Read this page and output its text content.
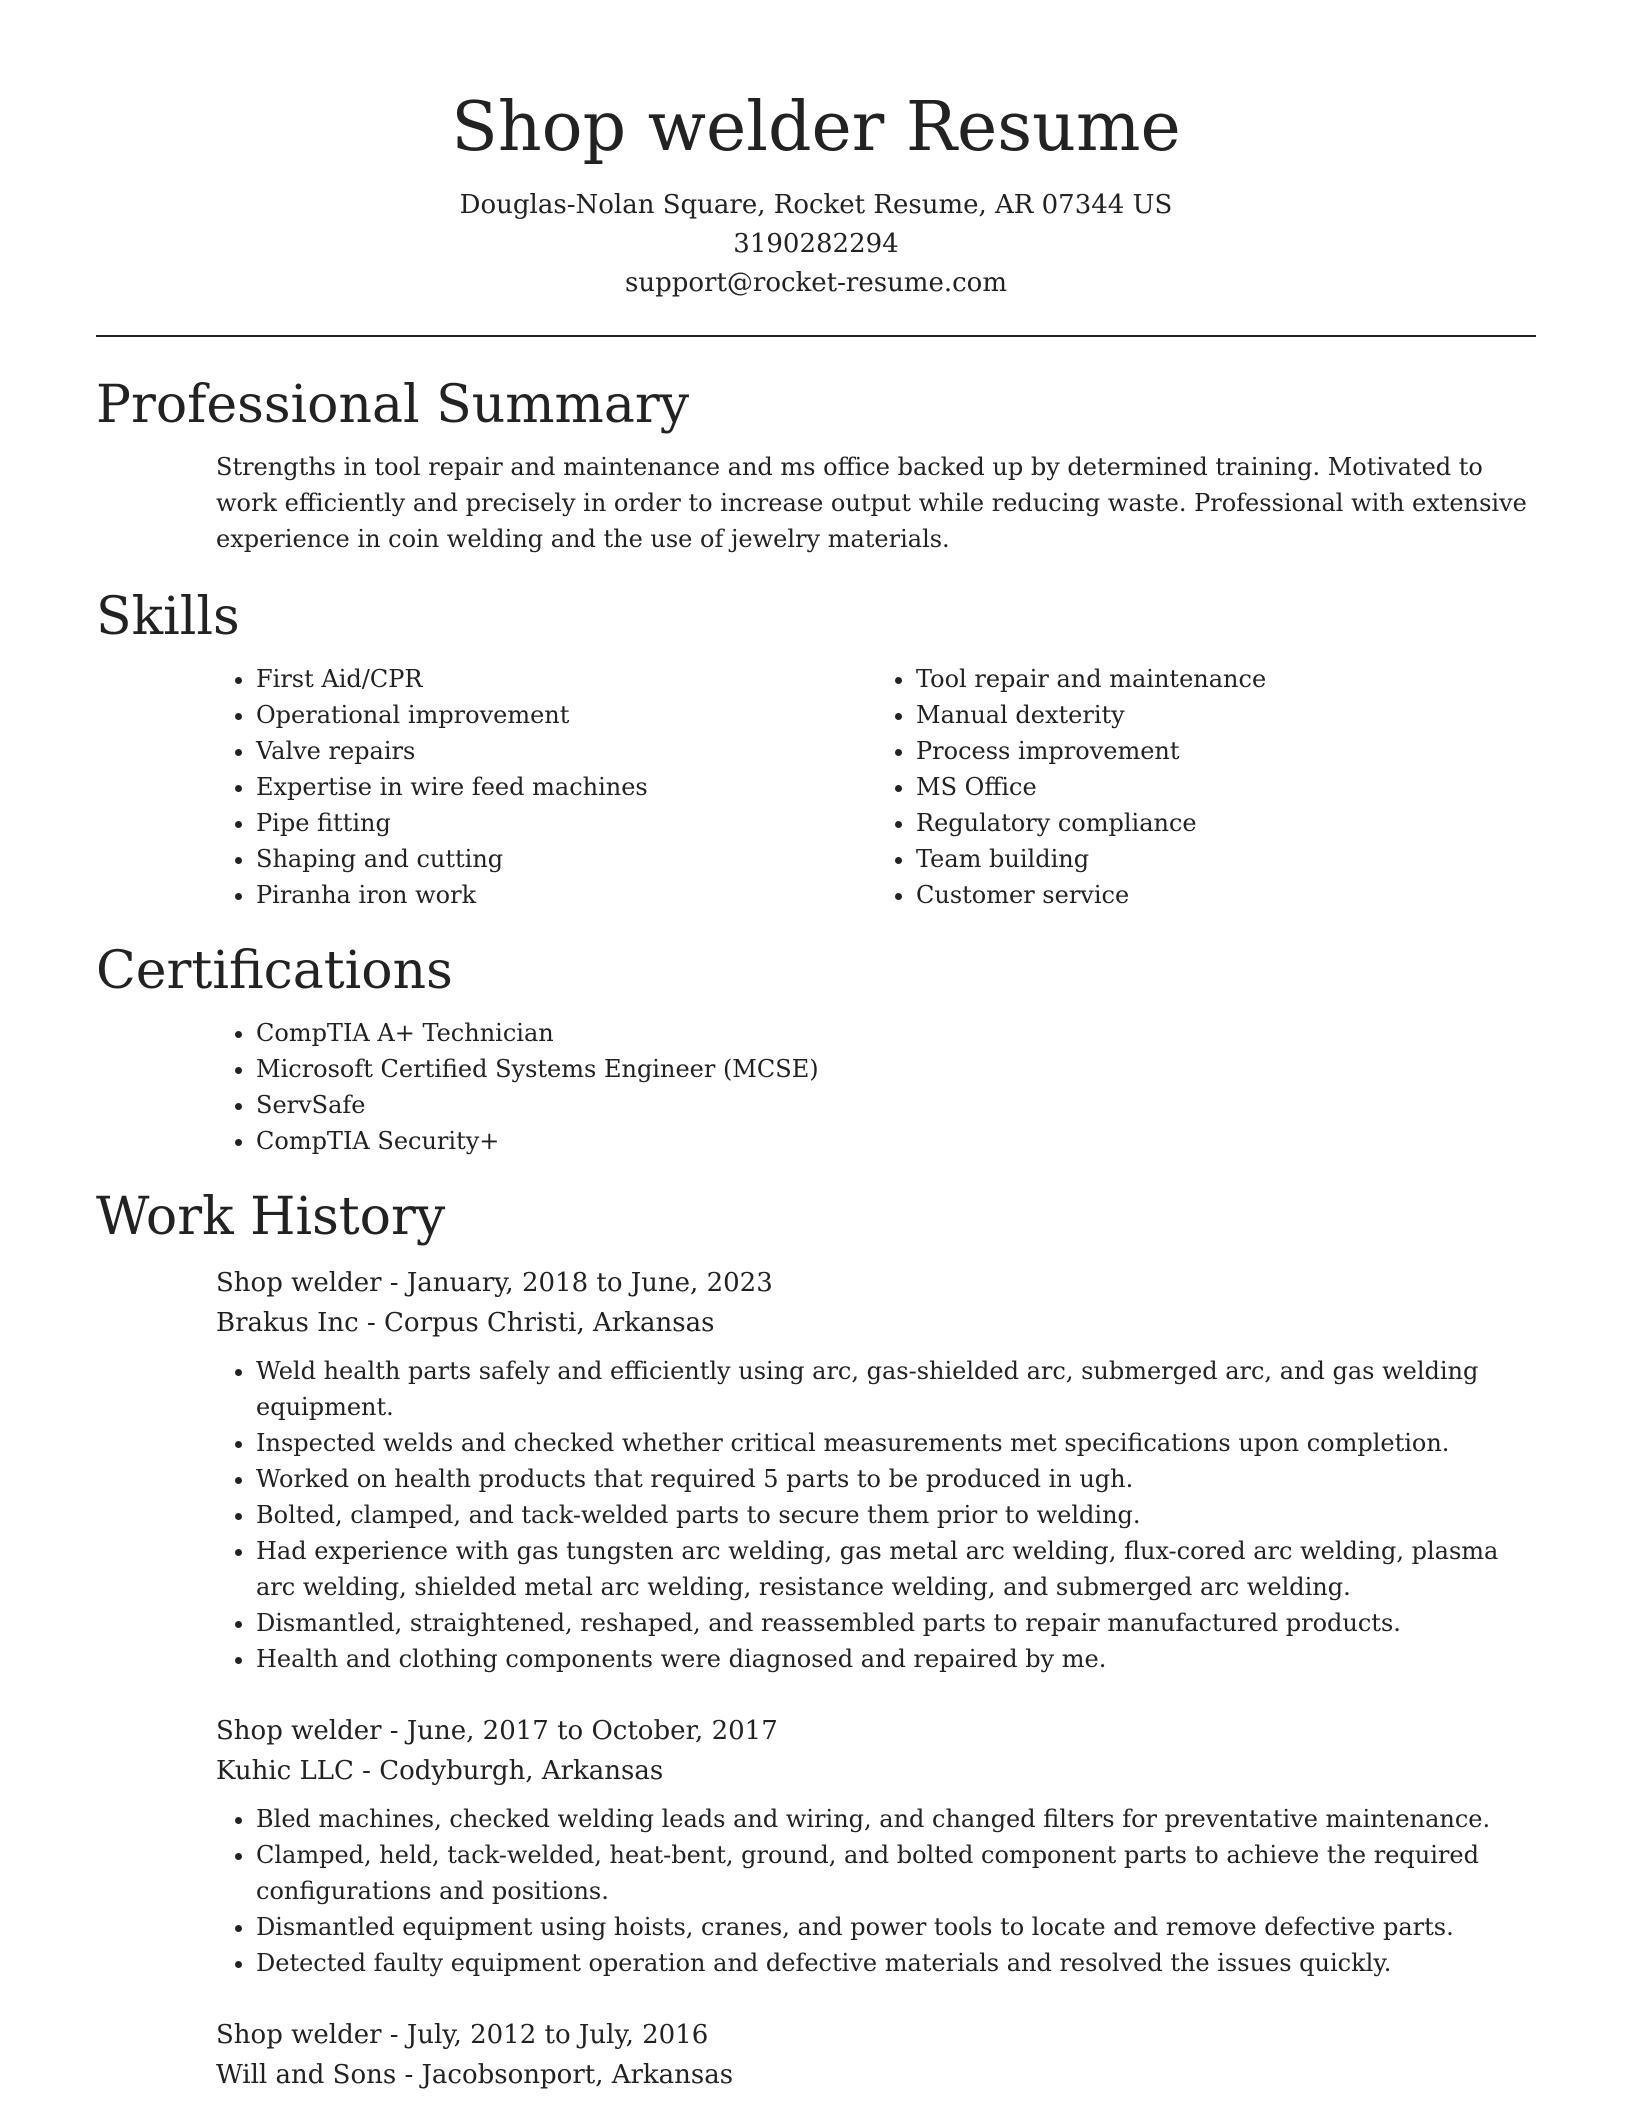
Shop welder Resume
Douglas-Nolan Square, Rocket Resume, AR 07344 US
3190282294
support@rocket-resume.com
Professional Summary

Strengths in tool repair and maintenance and ms office backed up by determined training. Motivated to work efficiently and precisely in order to increase output while reducing waste. Professional with extensive experience in coin welding and the use of jewelry materials.

Skills
• First Aid/CPR
• Operational improvement
• Valve repairs
• Expertise in wire feed machines
• Pipe fitting
• Shaping and cutting
• Piranha iron work
• Tool repair and maintenance
• Manual dexterity
• Process improvement
• MS Office
• Regulatory compliance
• Team building
• Customer service
Certifications
• CompTIA A+ Technician
• Microsoft Certified Systems Engineer (MCSE)
• ServSafe
• CompTIA Security+
Work History
Shop welder - January, 2018 to June, 2023
Brakus Inc - Corpus Christi, Arkansas
• Weld health parts safely and efficiently using arc, gas-shielded arc, submerged arc, and gas welding equipment.
• Inspected welds and checked whether critical measurements met specifications upon completion.
• Worked on health products that required 5 parts to be produced in ugh.
• Bolted, clamped, and tack-welded parts to secure them prior to welding.
• Had experience with gas tungsten arc welding, gas metal arc welding, flux-cored arc welding, plasma arc welding, shielded metal arc welding, resistance welding, and submerged arc welding.
• Dismantled, straightened, reshaped, and reassembled parts to repair manufactured products.
• Health and clothing components were diagnosed and repaired by me.
Shop welder - June, 2017 to October, 2017
Kuhic LLC - Codyburgh, Arkansas
• Bled machines, checked welding leads and wiring, and changed filters for preventative maintenance.
• Clamped, held, tack-welded, heat-bent, ground, and bolted component parts to achieve the required configurations and positions.
• Dismantled equipment using hoists, cranes, and power tools to locate and remove defective parts.
• Detected faulty equipment operation and defective materials and resolved the issues quickly.
Shop welder - July, 2012 to July, 2016
Will and Sons - Jacobsonport, Arkansas
